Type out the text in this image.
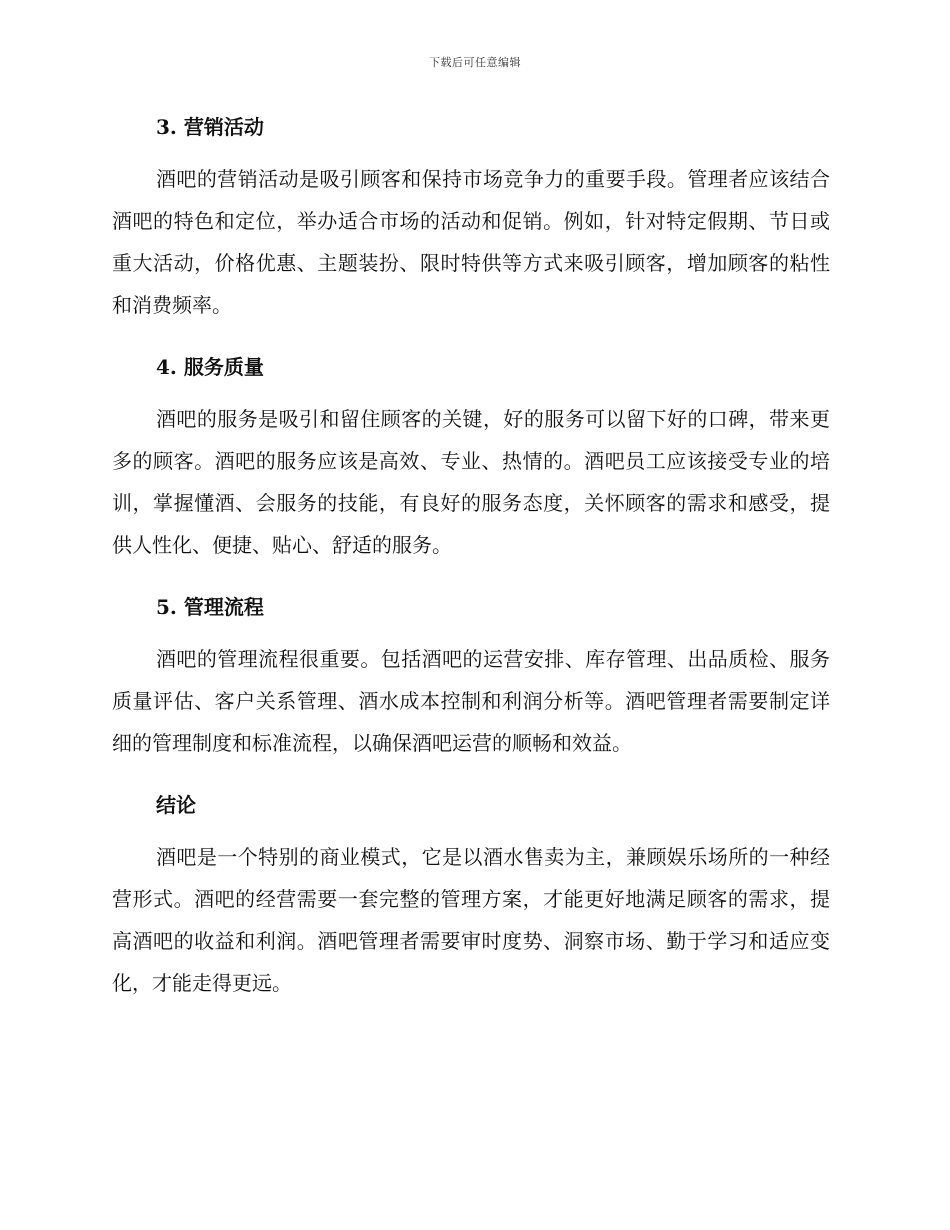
下载后可任意编辑
3. 营销活动

酒吧的营销活动是吸引顾客和保持市场竞争力的重要手段。管理者应该结合酒吧的特色和定位，举办适合市场的活动和促销。例如，针对特定假期、节日或重大活动，价格优惠、主题装扮、限时特供等方式来吸引顾客，增加顾客的粘性和消费频率。

4. 服务质量

酒吧的服务是吸引和留住顾客的关键，好的服务可以留下好的口碑，带来更多的顾客。酒吧的服务应该是高效、专业、热情的。酒吧员工应该接受专业的培训，掌握懂酒、会服务的技能，有良好的服务态度，关怀顾客的需求和感受，提供人性化、便捷、贴心、舒适的服务。

5. 管理流程

酒吧的管理流程很重要。包括酒吧的运营安排、库存管理、出品质检、服务质量评估、客户关系管理、酒水成本控制和利润分析等。酒吧管理者需要制定详细的管理制度和标准流程，以确保酒吧运营的顺畅和效益。

结论

酒吧是一个特别的商业模式，它是以酒水售卖为主，兼顾娱乐场所的一种经营形式。酒吧的经营需要一套完整的管理方案，才能更好地满足顾客的需求，提高酒吧的收益和利润。酒吧管理者需要审时度势、洞察市场、勤于学习和适应变化，才能走得更远。
